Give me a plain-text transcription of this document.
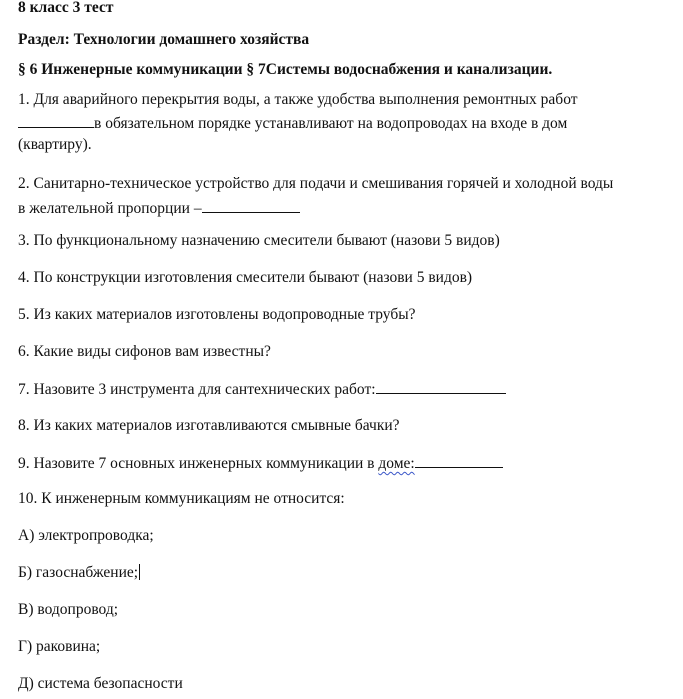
8 класс 3 тест
Раздел: Технологии домашнего хозяйства
§ 6 Инженерные коммуникации § 7Системы водоснабжения и канализации.
1. Для аварийного перекрытия воды, а также удобства выполнения ремонтных работ
в обязательном порядке устанавливают на водопроводах на входе в дом
(квартиру).
2. Санитарно-техническое устройство для подачи и смешивания горячей и холодной воды
в желательной пропорции –
3. По функциональному назначению смесители бывают (назови 5 видов)
4. По конструкции изготовления смесители бывают (назови 5 видов)
5. Из каких материалов изготовлены водопроводные трубы?
6. Какие виды сифонов вам известны?
7. Назовите 3 инструмента для сантехнических работ:
8. Из каких материалов изготавливаются смывные бачки?
9. Назовите 7 основных инженерных коммуникации в доме:
10. К инженерным коммуникациям не относится:
А) электропроводка;
Б) газоснабжение;
В) водопровод;
Г) раковина;
Д) система безопасности
